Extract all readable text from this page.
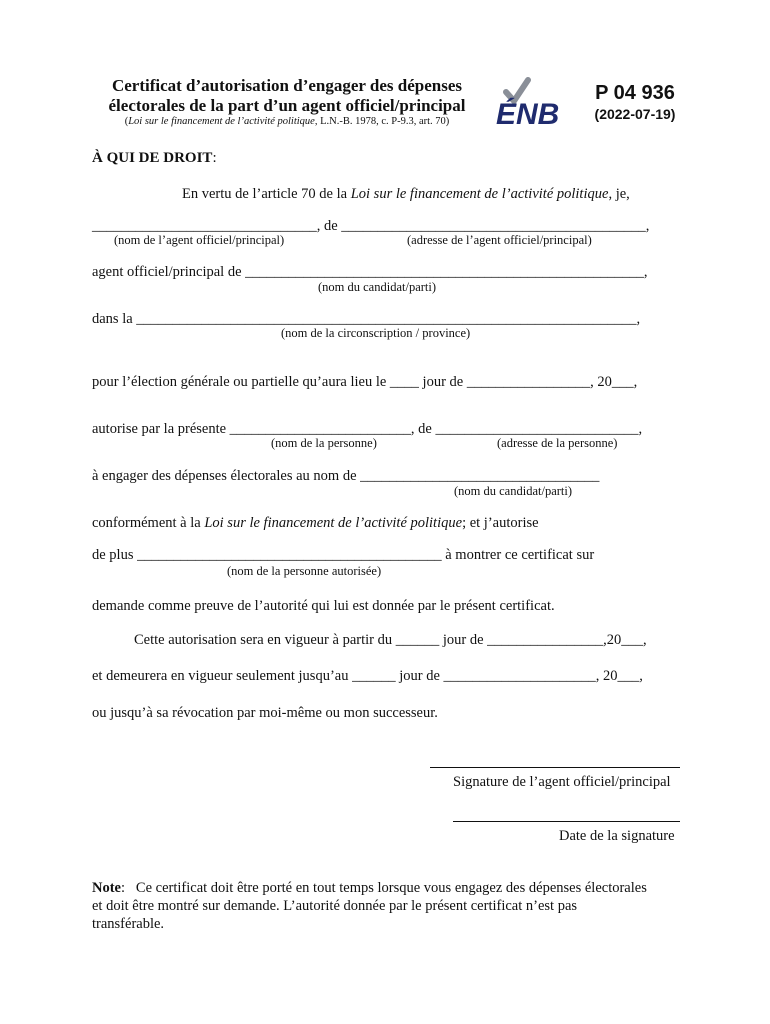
Certificat d’autorisation d’engager des dépenses
électorales de la part d’un agent officiel/principal
(Loi sur le financement de l’activité politique, L.N.-B. 1978, c. P-9.3, art. 70)	ÉNB
P 04 936
(2022-07-19)
À QUI DE DROIT:
En vertu de l’article 70 de la Loi sur le financement de l’activité politique, je,
_______________________________, de __________________________________________,
(nom de l’agent officiel/principal)	(adresse de l’agent officiel/principal)
agent officiel/principal de _______________________________________________________,
(nom du candidat/parti)
dans la _____________________________________________________________________,
(nom de la circonscription / province)
pour l’élection générale ou partielle qu’aura lieu le ____ jour de _________________, 20___,
autorise par la présente _________________________, de ____________________________,
(nom de la personne)	(adresse de la personne)
à engager des dépenses électorales au nom de _________________________________
(nom du candidat/parti)
conformément à la Loi sur le financement de l’activité politique; et j’autorise
de plus __________________________________________ à montrer ce certificat sur
(nom de la personne autorisée)
demande comme preuve de l’autorité qui lui est donnée par le présent certificat.
Cette autorisation sera en vigueur à partir du ______ jour de ________________,20___,
et demeurera en vigueur seulement jusqu’au ______ jour de _____________________, 20___,
ou jusqu’à sa révocation par moi-même ou mon successeur.
Signature de l’agent officiel/principal
Date de la signature
Note: Ce certificat doit être porté en tout temps lorsque vous engagez des dépenses électorales
et doit être montré sur demande. L’autorité donnée par le présent certificat n’est pas
transférable.
